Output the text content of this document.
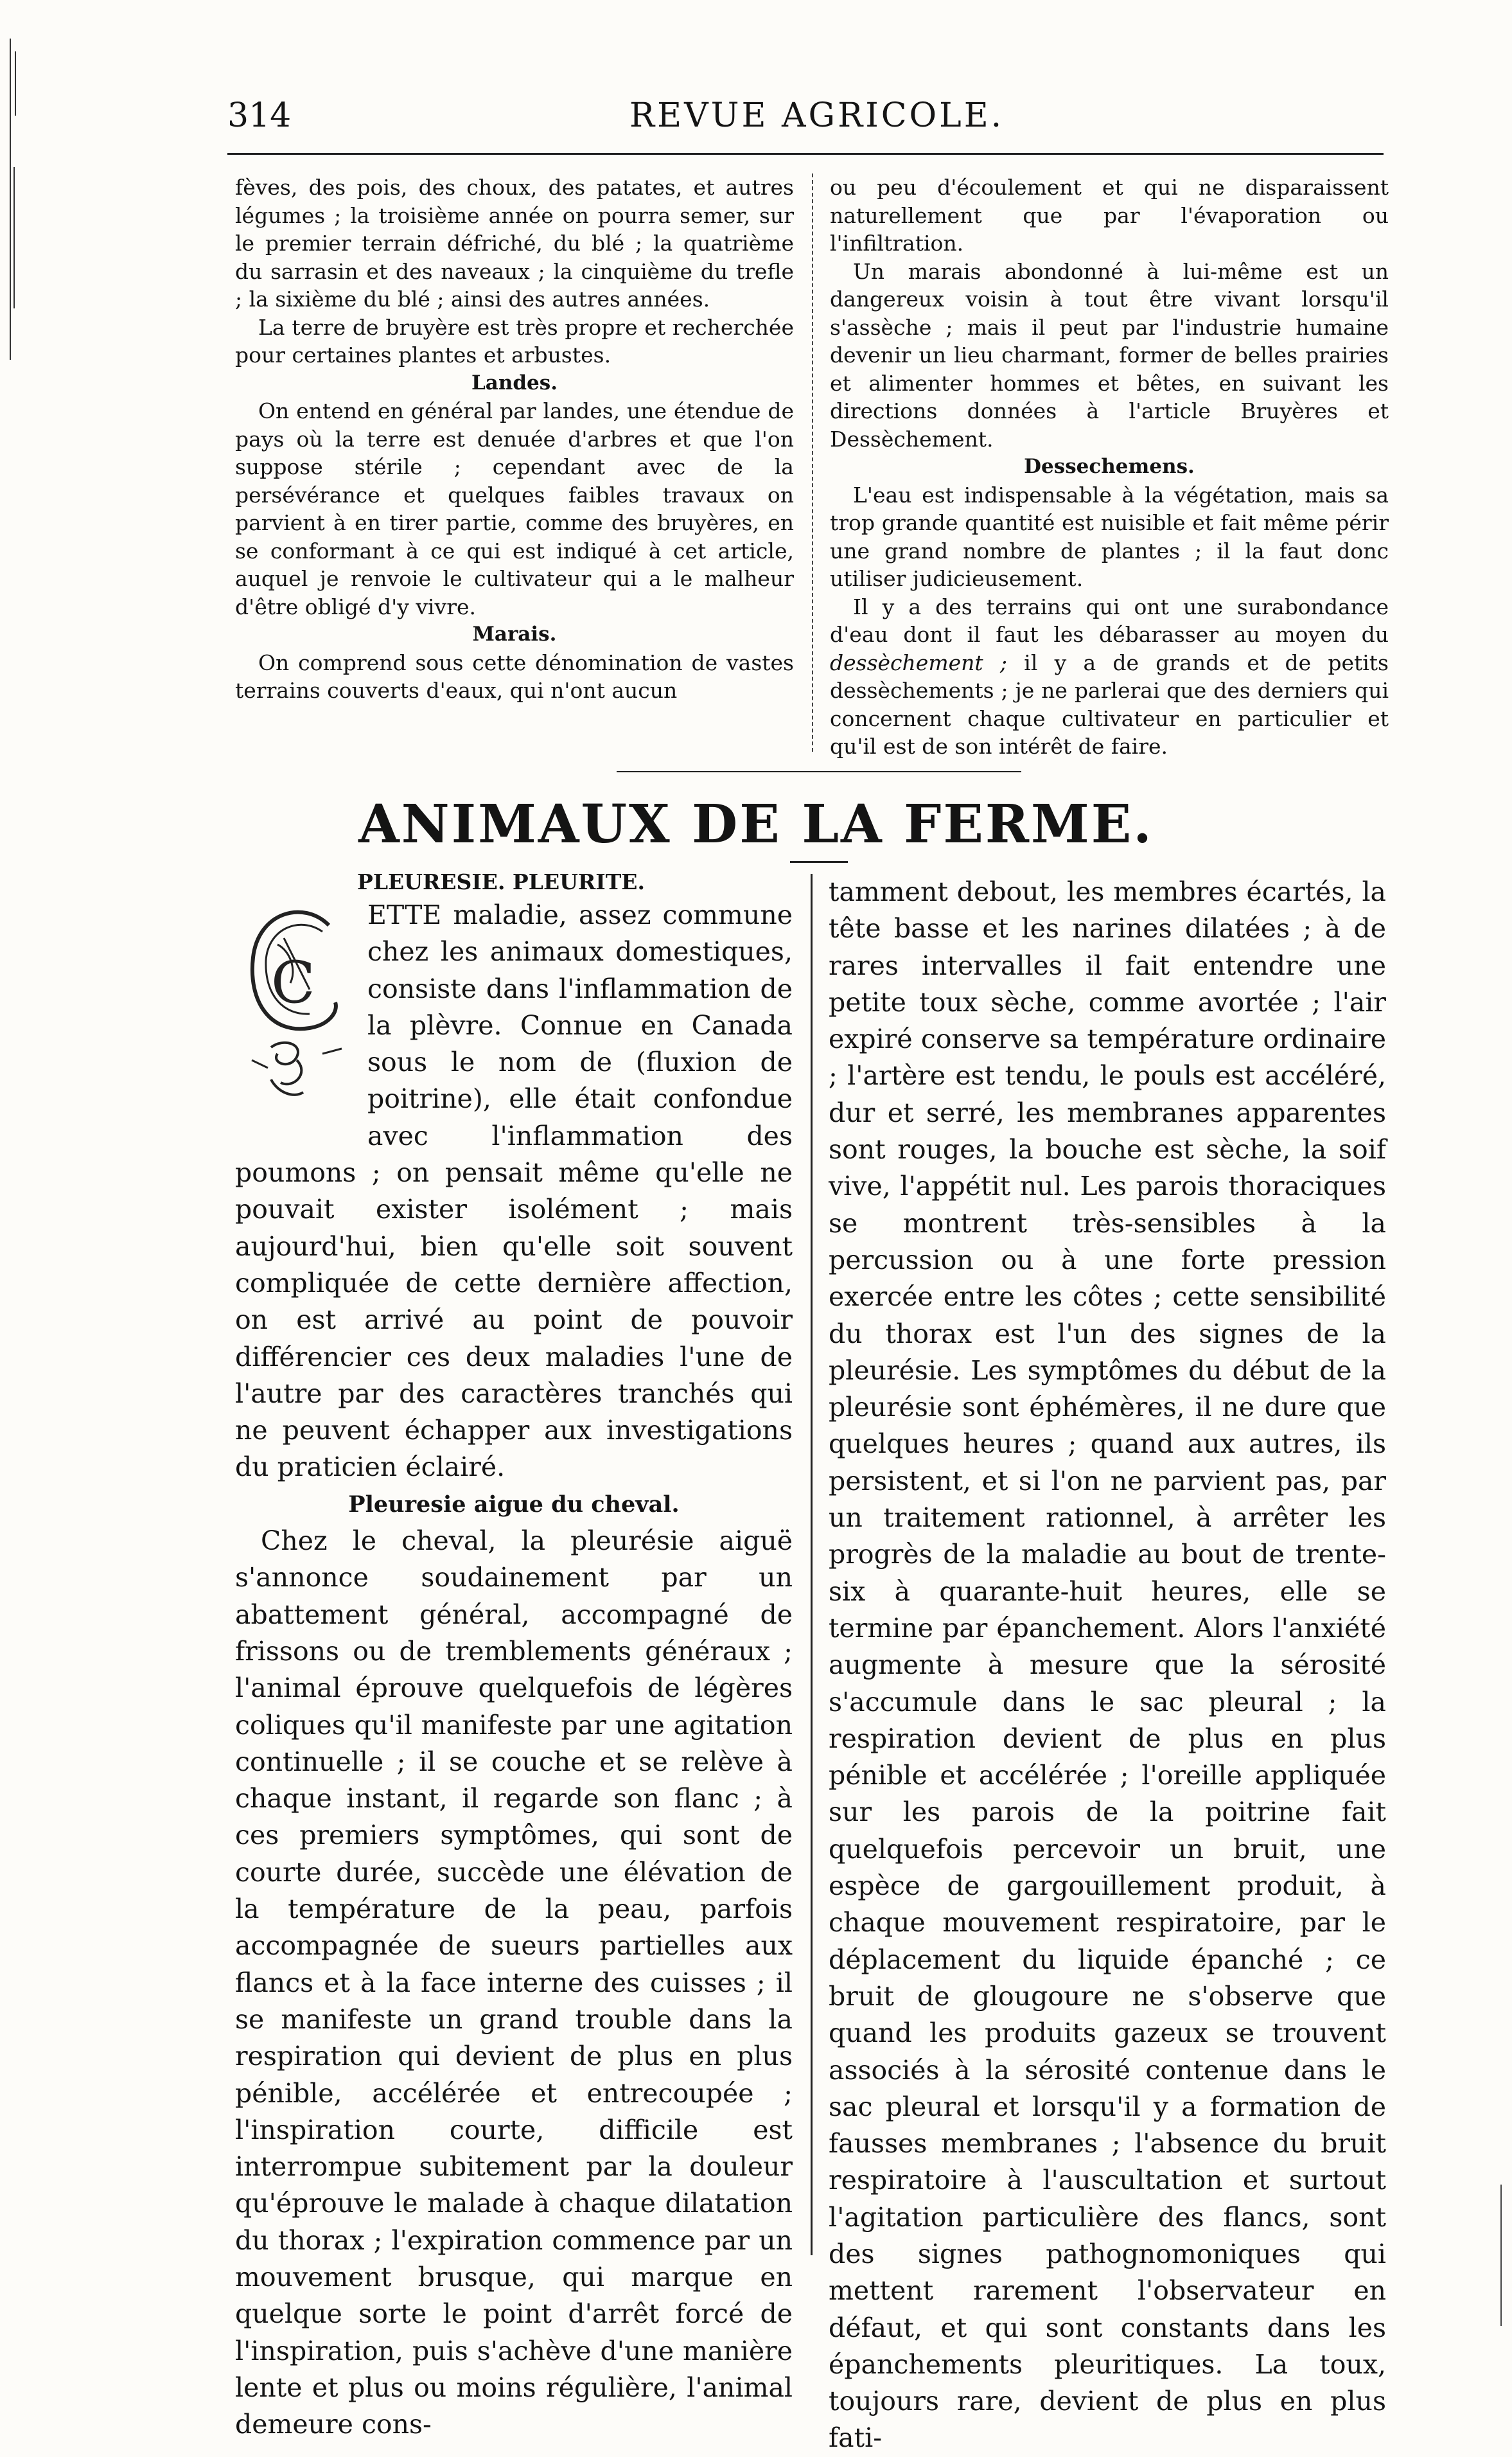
314	REVUE AGRICOLE.

fèves, des pois, des choux, des patates, et autres légumes ; la troisième année on pourra semer, sur le premier terrain défriché, du blé ; la quatrième du sarrasin et des naveaux ; la cinquième du trefle ; la sixième du blé ; ainsi des autres années.

La terre de bruyère est très propre et recherchée pour certaines plantes et arbustes.

Landes.

On entend en général par landes, une étendue de pays où la terre est denuée d'arbres et que l'on suppose stérile ; cependant avec de la persévérance et quelques faibles travaux on parvient à en tirer partie, comme des bruyères, en se conformant à ce qui est indiqué à cet article, auquel je renvoie le cultivateur qui a le malheur d'être obligé d'y vivre.

Marais.

On comprend sous cette dénomination de vastes terrains couverts d'eaux, qui n'ont aucun

ou peu d'écoulement et qui ne disparaissent naturellement que par l'évaporation ou l'infiltration.

Un marais abondonné à lui-même est un dangereux voisin à tout être vivant lorsqu'il s'assèche ; mais il peut par l'industrie humaine devenir un lieu charmant, former de belles prairies et alimenter hommes et bêtes, en suivant les directions données à l'article Bruyères et Dessèchement.

Dessechemens.

L'eau est indispensable à la végétation, mais sa trop grande quantité est nuisible et fait même périr une grand nombre de plantes ; il la faut donc utiliser judicieusement.

Il y a des terrains qui ont une surabondance d'eau dont il faut les débarasser au moyen du dessèchement ; il y a de grands et de petits dessèchements ; je ne parlerai que des derniers qui concernent chaque cultivateur en particulier et qu'il est de son intérêt de faire.

ANIMAUX DE LA FERME.
PLEURESIE. PLEURITE.
C

ETTE maladie, assez commune chez les animaux domestiques, consiste dans l'inflammation de la plèvre. Connue en Canada sous le nom de (fluxion de poitrine), elle était confondue avec l'inflammation des poumons ; on pensait même qu'elle ne pouvait exister isolément ; mais aujourd'hui, bien qu'elle soit souvent compliquée de cette dernière affection, on est arrivé au point de pouvoir différencier ces deux maladies l'une de l'autre par des caractères tranchés qui ne peuvent échapper aux investigations du praticien éclairé.

Pleuresie aigue du cheval.

Chez le cheval, la pleurésie aiguë s'annonce soudainement par un abattement général, accompagné de frissons ou de tremblements généraux ; l'animal éprouve quelquefois de légères coliques qu'il manifeste par une agitation continuelle ; il se couche et se relève à chaque instant, il regarde son flanc ; à ces premiers symptômes, qui sont de courte durée, succède une élévation de la température de la peau, parfois accompagnée de sueurs partielles aux flancs et à la face interne des cuisses ; il se manifeste un grand trouble dans la respiration qui devient de plus en plus pénible, accélérée et entrecoupée ; l'inspiration courte, difficile est interrompue subitement par la douleur qu'éprouve le malade à chaque dilatation du thorax ; l'expiration commence par un mouvement brusque, qui marque en quelque sorte le point d'arrêt forcé de l'inspiration, puis s'achève d'une manière lente et plus ou moins régulière, l'animal demeure cons-

tamment debout, les membres écartés, la tête basse et les narines dilatées ; à de rares intervalles il fait entendre une petite toux sèche, comme avortée ; l'air expiré conserve sa température ordinaire ; l'artère est tendu, le pouls est accéléré, dur et serré, les membranes apparentes sont rouges, la bouche est sèche, la soif vive, l'appétit nul. Les parois thoraciques se montrent très-sensibles à la percussion ou à une forte pression exercée entre les côtes ; cette sensibilité du thorax est l'un des signes de la pleurésie. Les symptômes du début de la pleurésie sont éphémères, il ne dure que quelques heures ; quand aux autres, ils persistent, et si l'on ne parvient pas, par un traitement rationnel, à arrêter les progrès de la maladie au bout de trente-six à quarante-huit heures, elle se termine par épanchement. Alors l'anxiété augmente à mesure que la sérosité s'accumule dans le sac pleural ; la respiration devient de plus en plus pénible et accélérée ; l'oreille appliquée sur les parois de la poitrine fait quelquefois percevoir un bruit, une espèce de gargouillement produit, à chaque mouvement respiratoire, par le déplacement du liquide épanché ; ce bruit de glougoure ne s'observe que quand les produits gazeux se trouvent associés à la sérosité contenue dans le sac pleural et lorsqu'il y a formation de fausses membranes ; l'absence du bruit respiratoire à l'auscultation et surtout l'agitation particulière des flancs, sont des signes pathognomoniques qui mettent rarement l'observateur en défaut, et qui sont constants dans les épanchements pleuritiques. La toux, toujours rare, devient de plus en plus fati-
